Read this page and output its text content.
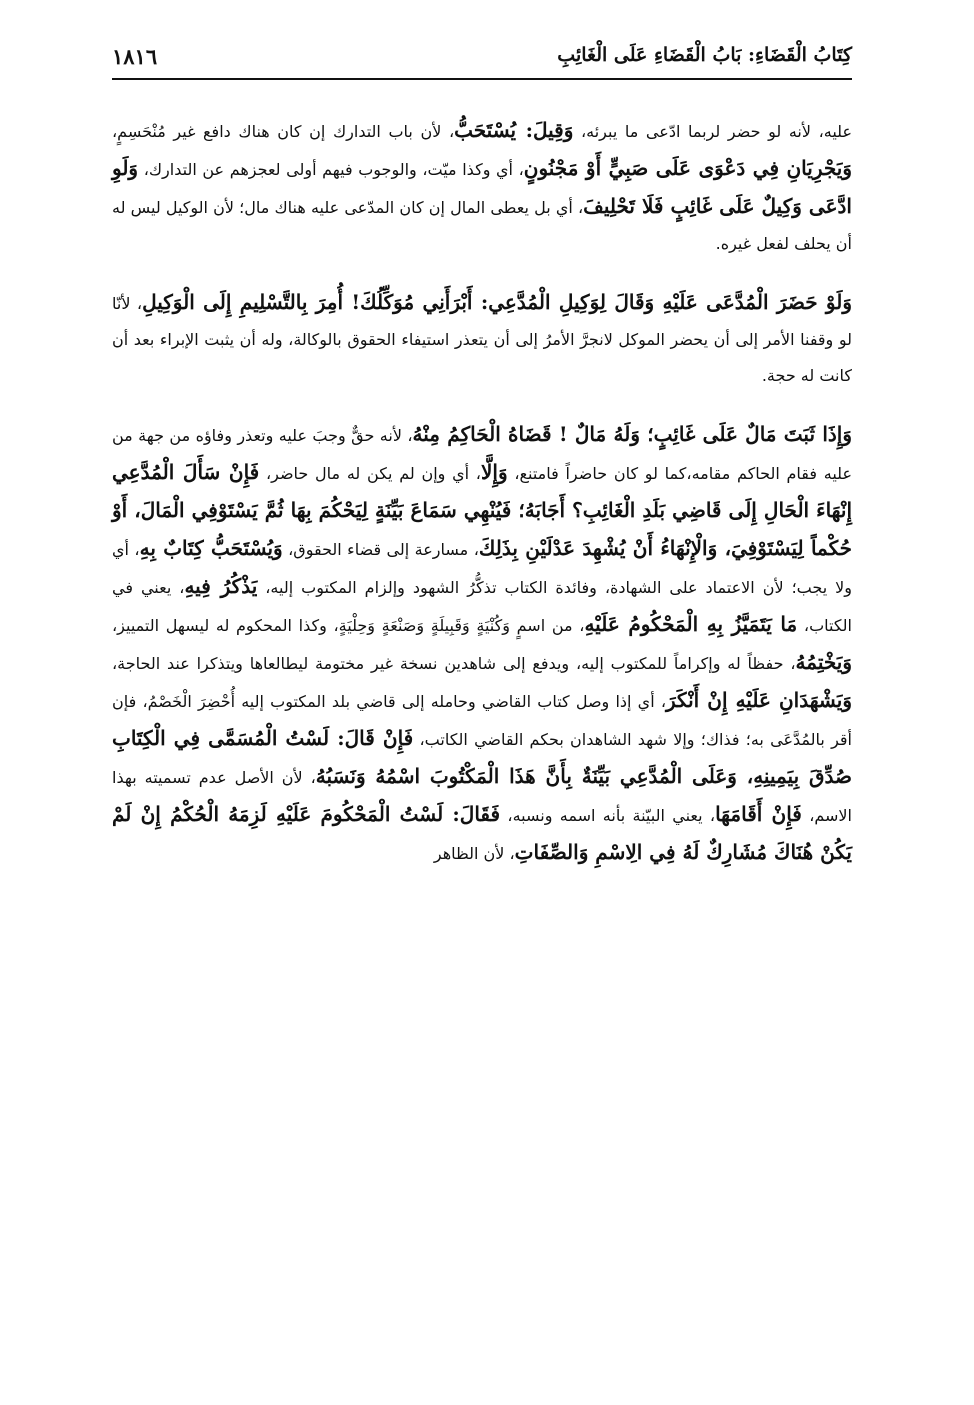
كِتَابُ الْقَضَاءِ: بَابُ الْقَضَاءِ عَلَى الْغَائِبِ
١٨١٦

عليه، لأنه لو حضر لربما ادّعى ما يبرئه، وَقِيلَ: يُسْتَحَبُّ، لأن باب التدارك إن كان هناك دافع غير مُنْحَسِمٍ، وَيَجْرِيَانِ فِي دَعْوَى عَلَى صَبِيٍّ أَوْ مَجْنُونٍ، أي وكذا ميّت، والوجوب فيهم أولى لعجزهم عن التدارك، وَلَوِ ادَّعَى وَكِيلٌ عَلَى غَائِبٍ فَلَا تَحْلِيفَ، أي بل يعطى المال إن كان المدّعى عليه هناك مال؛ لأن الوكيل ليس له أن يحلف لفعل غيره.

وَلَوْ حَضَرَ الْمُدَّعَى عَلَيْهِ وَقَالَ لِوَكِيلِ الْمُدَّعِي: أَبْرَأَنِي مُوَكِّلُكَ! أُمِرَ بِالتَّسْلِيمِ إِلَى الْوَكِيلِ، لأنّا لو وقفنا الأمر إلى أن يحضر الموكل لانجرَّ الأمرُ إلى أن يتعذر استيفاء الحقوق بالوكالة، وله أن يثبت الإبراء بعد أن كانت له حجة.

وَإِذَا ثَبَتَ مَالٌ عَلَى غَائِبٍ؛ وَلَهُ مَالٌ ! قَضَاهُ الْحَاكِمُ مِنْهُ، لأنه حقٌّ وجبَ عليه وتعذر وفاؤه من جهة من عليه فقام الحاكم مقامه،كما لو كان حاضراً فامتنع، وَإِلَّا، أي وإن لم يكن له مال حاضر، فَإِنْ سَأَلَ الْمُدَّعِي إِنْهَاءَ الْحَالِ إِلَى قَاضِي بَلَدِ الْغَائِبِ؟ أَجَابَهُ؛ فَيُنْهِي سَمَاعَ بَيِّنَةٍ لِيَحْكُمَ بِهَا ثُمَّ يَسْتَوْفِي الْمَالَ، أَوْ حُكْماً لِيَسْتَوْفِيَ، وَالْإِنْهَاءُ أَنْ يُشْهِدَ عَدْلَيْنِ بِذَلِكَ، مسارعة إلى قضاء الحقوق، وَيُسْتَحَبُّ كِتَابٌ بِهِ، أي ولا يجب؛ لأن الاعتماد على الشهادة، وفائدة الكتاب تذكُّرُ الشهود وإلزام المكتوب إليه، يَذْكُرُ فِيهِ، يعني في الكتاب، مَا يَتَمَيَّزُ بِهِ الْمَحْكُومُ عَلَيْهِ، من اسمٍ وَكُنْيَةٍ وَقَبِيلَةٍ وَصَنْعَةٍ وَحِلْيَةٍ، وكذا المحكوم له ليسهل التمييز، وَيَخْتِمُهُ، حفظاً له وإكراماً للمكتوب إليه، ويدفع إلى شاهدين نسخة غير مختومة ليطالعاها ويتذكرا عند الحاجة، وَيَشْهَدَانِ عَلَيْهِ إِنْ أَنْكَرَ، أي إذا وصل كتاب القاضي وحامله إلى قاضي بلد المكتوب إليه أُحْضِرَ الْخَصْمُ، فإن أقر بالمُدَّعَى به؛ فذاك؛ وإلا شهد الشاهدان بحكم القاضي الكاتب، فَإِنْ قَالَ: لَسْتُ الْمُسَمَّى فِي الْكِتَابِ صُدِّقَ بِيَمِينِهِ، وَعَلَى الْمُدَّعِي بَيِّنَةٌ بِأَنَّ هَذَا الْمَكْتُوبَ اسْمُهُ وَنَسَبُهُ، لأن الأصل عدم تسميته بهذا الاسم، فَإِنْ أَقَامَهَا، يعني البيّنة بأنه اسمه ونسبه، فَقَالَ: لَسْتُ الْمَحْكُومَ عَلَيْهِ لَزِمَهُ الْحُكْمُ إِنْ لَمْ يَكُنْ هُنَاكَ مُشَارِكٌ لَهُ فِي الِاسْمِ وَالصِّفَاتِ، لأن الظاهر
